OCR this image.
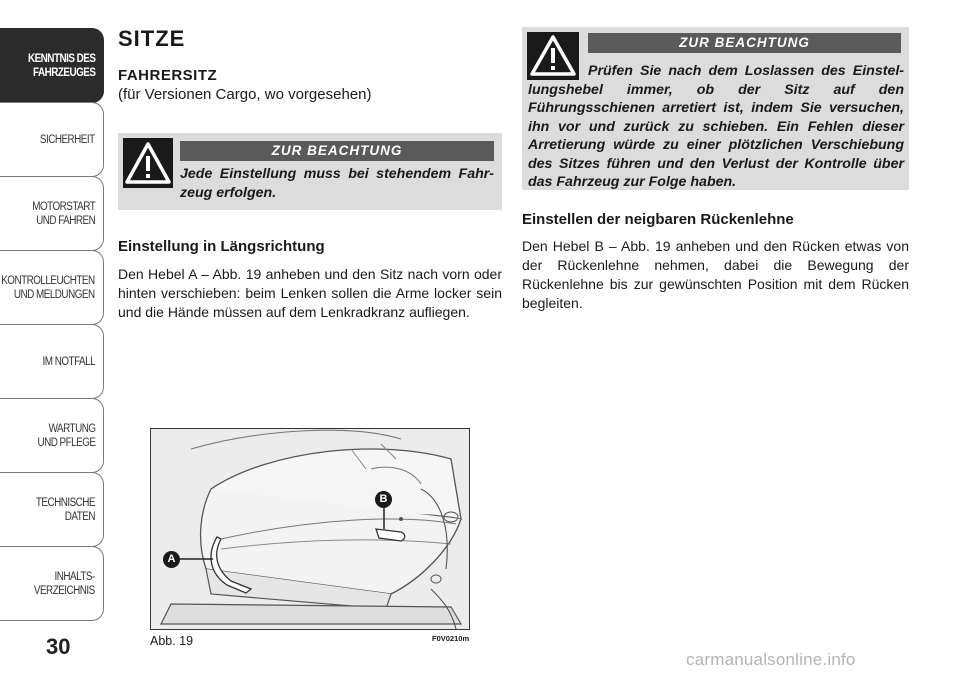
KENNTNIS DES
FAHRZEUGES
SICHERHEIT
MOTORSTART
UND FAHREN
KONTROLLEUCHTEN
UND MELDUNGEN
IM NOTFALL
WARTUNG
UND PFLEGE
TECHNISCHE DATEN
INHALTS-
VERZEICHNIS
30
SITZE
FAHRERSITZ
(für Versionen Cargo, wo vorgesehen)
ZUR BEACHTUNG
Jede Einstellung muss bei stehendem Fahr-zeug erfolgen.
Einstellung in Längsrichtung
Den Hebel A – Abb. 19 anheben und den Sitz nach vorn oder hinten verschieben: beim Lenken sollen die Arme locker sein und die Hände müssen auf dem Lenkradkranz aufliegen.
B
A
Abb. 19	F0V0210m
ZUR BEACHTUNG
Prüfen Sie nach dem Loslassen des Einstel-lungshebel immer, ob der Sitz auf den Führungsschienen arretiert ist, indem Sie versuchen, ihn vor und zurück zu schieben. Ein Fehlen dieser Arretierung würde zu einer plötzlichen Verschiebung des Sitzes führen und den Verlust der Kontrolle über das Fahrzeug zur Folge haben.
Einstellen der neigbaren Rückenlehne
Den Hebel B – Abb. 19 anheben und den Rücken etwas von der Rückenlehne nehmen, dabei die Bewegung der Rückenlehne bis zur gewünschten Position mit dem Rücken begleiten.
carmanualsonline.info
